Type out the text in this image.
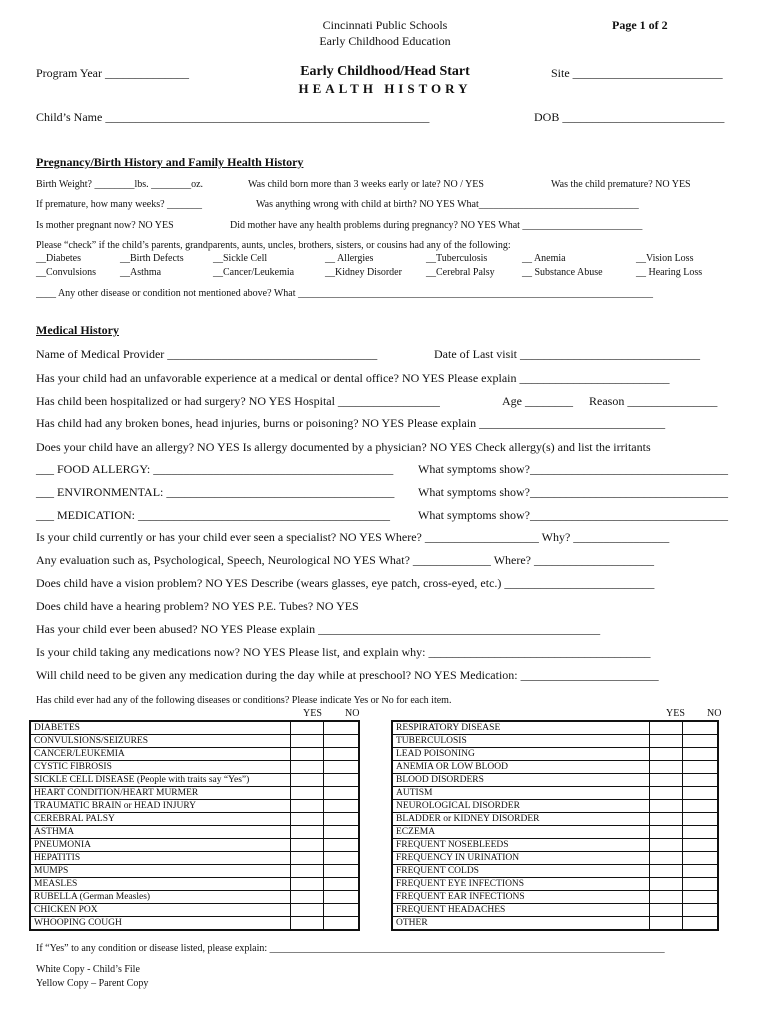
Cincinnati Public Schools
Early Childhood Education
Page 1 of 2
Early Childhood/Head Start
HEALTH HISTORY
Program Year ______________	Site _________________________
Child’s Name ______________________________________________________	DOB ___________________________
Pregnancy/Birth History and Family Health History
Birth Weight? ________lbs. ________oz.	Was child born more than 3 weeks early or late? NO / YES	Was the child premature? NO YES
If premature, how many weeks? _______	Was anything wrong with child at birth? NO YES What________________________________
Is mother pregnant now? NO YES	Did mother have any health problems during pregnancy? NO YES What ________________________
Please “check” if the child’s parents, grandparents, aunts, uncles, brothers, sisters, or cousins had any of the following:
__Diabetes	__Birth Defects	__Sickle Cell	__ Allergies	__Tuberculosis	__ Anemia	__Vision Loss
__Convulsions __Asthma	__Cancer/Leukemia	__Kidney Disorder __Cerebral Palsy	__ Substance Abuse	__ Hearing Loss
____ Any other disease or condition not mentioned above? What _______________________________________________________________________
Medical History
Name of Medical Provider ___________________________________	Date of Last visit ______________________________
Has your child had an unfavorable experience at a medical or dental office? NO YES Please explain _________________________
Has child been hospitalized or had surgery? NO YES Hospital _________________	Age ________ Reason _______________
Has child had any broken bones, head injuries, burns or poisoning? NO YES Please explain _______________________________
Does your child have an allergy? NO YES Is allergy documented by a physician? NO YES Check allergy(s) and list the irritants
___ FOOD ALLERGY: ________________________________________ What symptoms show?_________________________________
___ ENVIRONMENTAL: ______________________________________ What symptoms show?_________________________________
___ MEDICATION: __________________________________________ What symptoms show?_________________________________
Is your child currently or has your child ever seen a specialist? NO YES Where? ___________________ Why? ________________
Any evaluation such as, Psychological, Speech, Neurological NO YES What? _____________ Where? ____________________
Does child have a vision problem? NO YES Describe (wears glasses, eye patch, cross-eyed, etc.) _________________________
Does child have a hearing problem? NO YES P.E. Tubes? NO YES
Has your child ever been abused? NO YES Please explain _______________________________________________
Is your child taking any medications now? NO YES Please list, and explain why: _____________________________________
Will child need to be given any medication during the day while at preschool? NO YES Medication: _______________________
Has child ever had any of the following diseases or conditions? Please indicate Yes or No for each item.
YES NO	YES NO
DIABETES		
CONVULSIONS/SEIZURES		
CANCER/LEUKEMIA		
CYSTIC FIBROSIS		
SICKLE CELL DISEASE (People with traits say “Yes”)		
HEART CONDITION/HEART MURMER		
TRAUMATIC BRAIN or HEAD INJURY		
CEREBRAL PALSY		
ASTHMA		
PNEUMONIA		
HEPATITIS		
MUMPS		
MEASLES		
RUBELLA (German Measles)		
CHICKEN POX		
WHOOPING COUGH		
RESPIRATORY DISEASE		
TUBERCULOSIS		
LEAD POISONING		
ANEMIA OR LOW BLOOD		
BLOOD DISORDERS		
AUTISM		
NEUROLOGICAL DISORDER		
BLADDER or KIDNEY DISORDER		
ECZEMA		
FREQUENT NOSEBLEEDS		
FREQUENCY IN URINATION		
FREQUENT COLDS		
FREQUENT EYE INFECTIONS		
FREQUENT EAR INFECTIONS		
FREQUENT HEADACHES		
OTHER		
If “Yes” to any condition or disease listed, please explain: _______________________________________________________________________________
White Copy - Child’s File
Yellow Copy – Parent Copy
